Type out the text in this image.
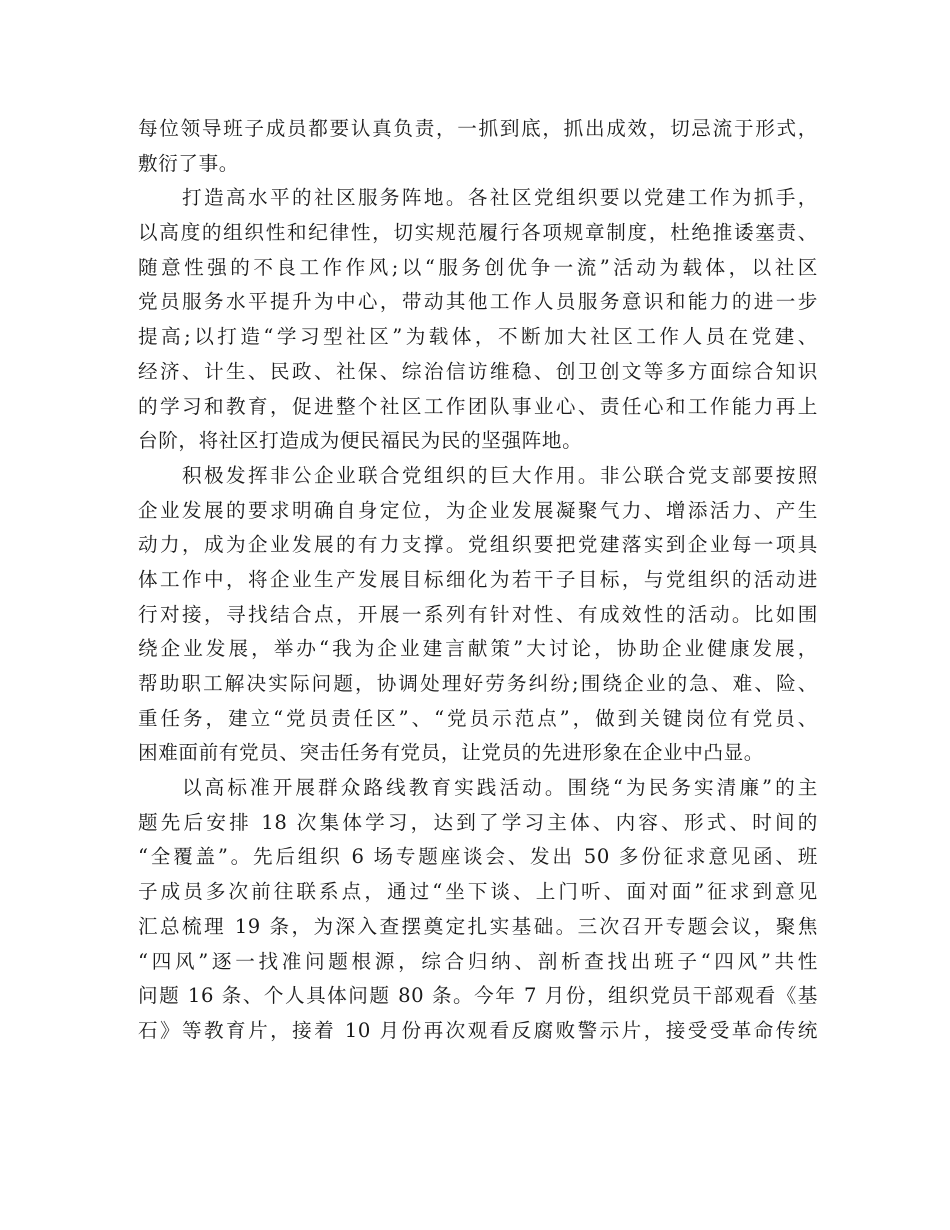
每位领导班子成员都要认真负责，一抓到底，抓出成效，切忌流于形式，
敷衍了事。
打造高水平的社区服务阵地。各社区党组织要以党建工作为抓手，
以高度的组织性和纪律性，切实规范履行各项规章制度，杜绝推诿塞责、
随意性强的不良工作作风;以“服务创优争一流”活动为载体，以社区
党员服务水平提升为中心，带动其他工作人员服务意识和能力的进一步
提高;以打造“学习型社区”为载体，不断加大社区工作人员在党建、
经济、计生、民政、社保、综治信访维稳、创卫创文等多方面综合知识
的学习和教育，促进整个社区工作团队事业心、责任心和工作能力再上
台阶，将社区打造成为便民福民为民的坚强阵地。
积极发挥非公企业联合党组织的巨大作用。非公联合党支部要按照
企业发展的要求明确自身定位，为企业发展凝聚气力、增添活力、产生
动力，成为企业发展的有力支撑。党组织要把党建落实到企业每一项具
体工作中，将企业生产发展目标细化为若干子目标，与党组织的活动进
行对接，寻找结合点，开展一系列有针对性、有成效性的活动。比如围
绕企业发展，举办“我为企业建言献策”大讨论，协助企业健康发展，
帮助职工解决实际问题，协调处理好劳务纠纷;围绕企业的急、难、险、
重任务，建立“党员责任区”、“党员示范点”，做到关键岗位有党员、
困难面前有党员、突击任务有党员，让党员的先进形象在企业中凸显。
以高标准开展群众路线教育实践活动。围绕“为民务实清廉”的主
题先后安排 18 次集体学习，达到了学习主体、内容、形式、时间的
“全覆盖”。先后组织 6 场专题座谈会、发出 50 多份征求意见函、班
子成员多次前往联系点，通过“坐下谈、上门听、面对面”征求到意见
汇总梳理 19 条，为深入查摆奠定扎实基础。三次召开专题会议，聚焦
“四风”逐一找准问题根源，综合归纳、剖析查找出班子“四风”共性
问题 16 条、个人具体问题 80 条。今年 7 月份，组织党员干部观看《基
石》等教育片，接着 10 月份再次观看反腐败警示片，接受受革命传统
